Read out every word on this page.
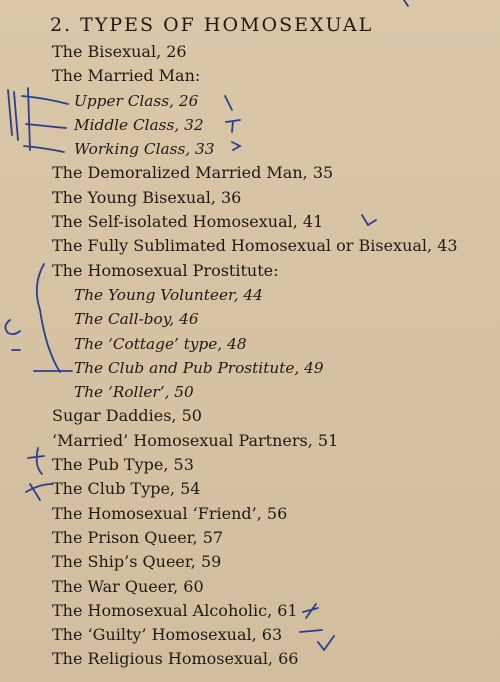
2. TYPES OF HOMOSEXUAL
The Bisexual, 26
The Married Man:
Upper Class, 26
Middle Class, 32
Working Class, 33
The Demoralized Married Man, 35
The Young Bisexual, 36
The Self-isolated Homosexual, 41
The Fully Sublimated Homosexual or Bisexual, 43
The Homosexual Prostitute:
The Young Volunteer, 44
The Call-boy, 46
The ‘Cottage’ type, 48
The Club and Pub Prostitute, 49
The ‘Roller’, 50
Sugar Daddies, 50
‘Married’ Homosexual Partners, 51
The Pub Type, 53
The Club Type, 54
The Homosexual ‘Friend’, 56
The Prison Queer, 57
The Ship’s Queer, 59
The War Queer, 60
The Homosexual Alcoholic, 61
The ‘Guilty’ Homosexual, 63
The Religious Homosexual, 66
